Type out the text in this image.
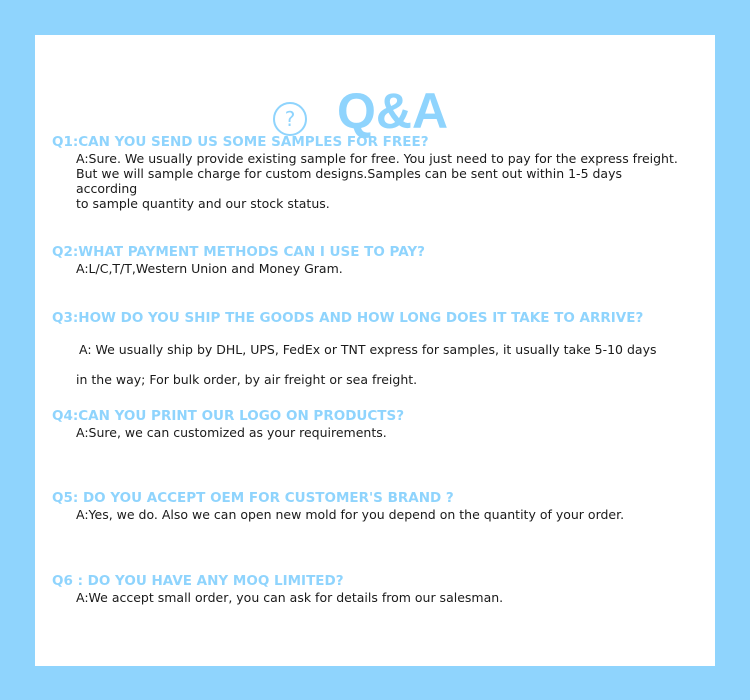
? Q&A
Q1:CAN YOU SEND US SOME SAMPLES FOR FREE?
A:Sure. We usually provide existing sample for free. You just need to pay for the express freight.
But we will sample charge for custom designs.Samples can be sent out within 1-5 days according
to sample quantity and our stock status.
Q2:WHAT PAYMENT METHODS CAN I USE TO PAY?
A:L/C,T/T,Western Union and Money Gram.
Q3:HOW DO YOU SHIP THE GOODS AND HOW LONG DOES IT TAKE TO ARRIVE?

A: We usually ship by DHL, UPS, FedEx or TNT express for samples, it usually take 5-10 days

in the way; For bulk order, by air freight or sea freight.

Q4:CAN YOU PRINT OUR LOGO ON PRODUCTS?
A:Sure, we can customized as your requirements.
Q5: DO YOU ACCEPT OEM FOR CUSTOMER'S BRAND ?
A:Yes, we do. Also we can open new mold for you depend on the quantity of your order.
Q6 : DO YOU HAVE ANY MOQ LIMITED?
A:We accept small order, you can ask for details from our salesman.
